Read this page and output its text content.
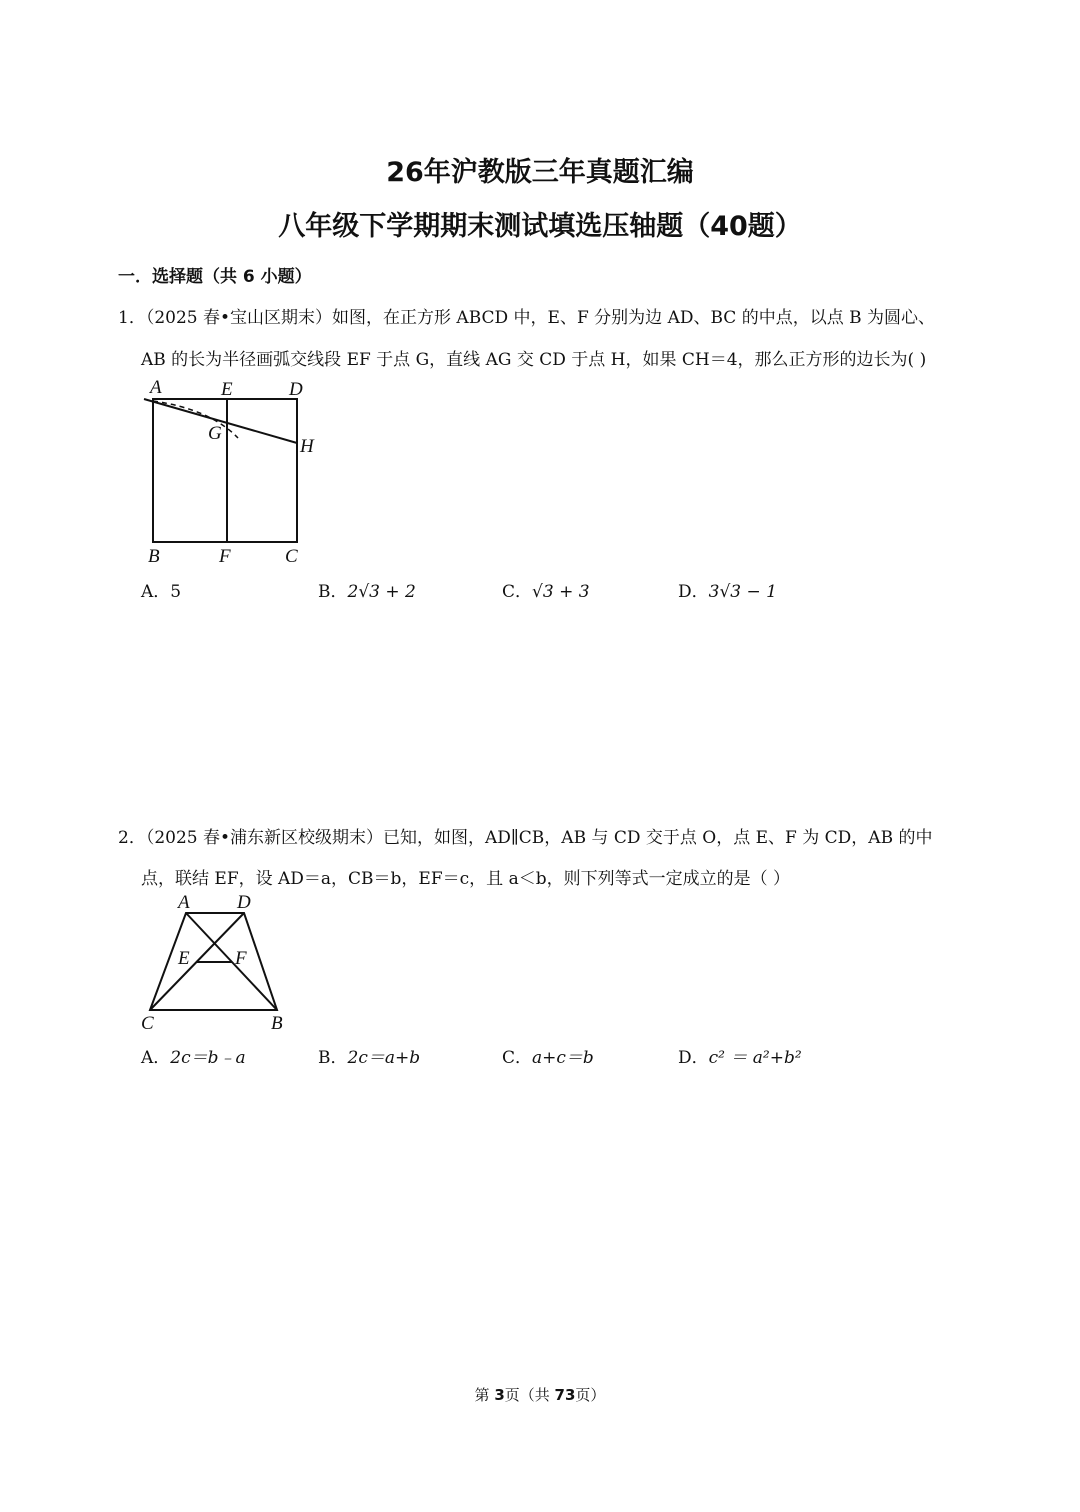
26年沪教版三年真题汇编
八年级下学期期末测试填选压轴题（40题）
一．选择题（共 6 小题）
1．（2025 春•宝山区期末）如图，在正方形 ABCD 中，E、F 分别为边 AD、BC 的中点，以点 B 为圆心、
AB 的长为半径画弧交线段 EF 于点 G，直线 AG 交 CD 于点 H，如果 CH＝4，那么正方形的边长为( )
A	E	D
G
H
B	F	C
A．5	B．2√3 + 2	C．√3 + 3	D．3√3 − 1
2．（2025 春•浦东新区校级期末）已知，如图，AD∥CB，AB 与 CD 交于点 O，点 E、F 为 CD，AB 的中
点，联结 EF，设 AD＝a，CB＝b，EF＝c，且 a＜b，则下列等式一定成立的是（ ）
A D
E F
C	B
A．2c＝b﹣a	B．2c＝a+b	C．a+c＝b	D．c² ＝ a²+b²
第 3页（共 73页）
